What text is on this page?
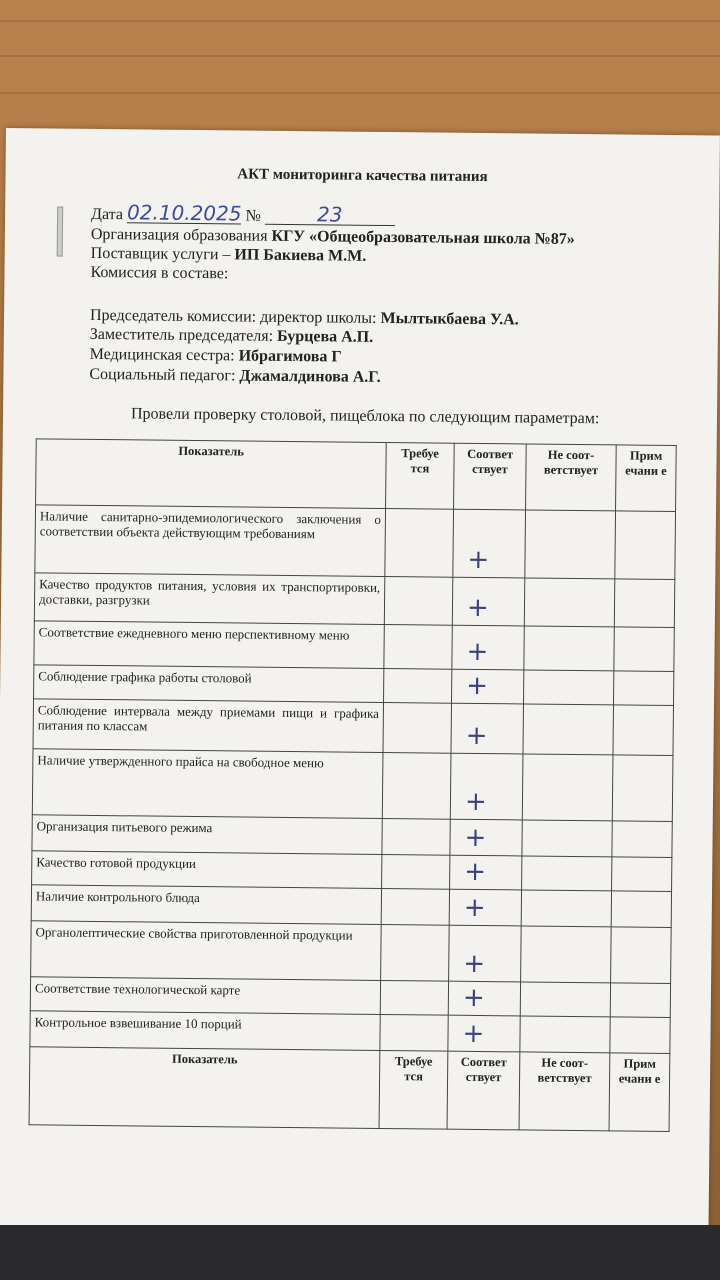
АКТ мониторинга качества питания
Дата 02.10.2025 №	23
Организация образования КГУ «Общеобразовательная школа №87»
Поставщик услуги – ИП Бакиева М.М.
Комиссия в составе:
Председатель комиссии: директор школы: Мылтыкбаева У.А.
Заместитель председателя: Бурцева А.П.
Медицинская сестра: Ибрагимова Г
Социальный педагог: Джамалдинова А.Г.
Провели проверку столовой, пищеблока по следующим параметрам:
Показатель	Требуе тся	Соответ ствует	Не соот-ветствует	Прим ечани е
Наличие санитарно-эпидемиологического заключения о соответствии объекта действующим требованиям		+		

Качество продуктов питания, условия их транспортировки, доставки, разгрузки		+		

Соответствие ежедневного меню перспективному меню		+		

Соблюдение графика работы столовой		+		

Соблюдение интервала между приемами пищи и графика питания по классам		+		

Наличие утвержденного прайса на свободное меню		+		

Организация питьевого режима		+		

Качество готовой продукции		+		

Наличие контрольного блюда		+		

Органолептические свойства приготовленной продукции		+		

Соответствие технологической карте		+		

Контрольное взвешивание 10 порций		+		

Показатель	Требуе тся	Соответ ствует	Не соот-ветствует	Прим ечани е
